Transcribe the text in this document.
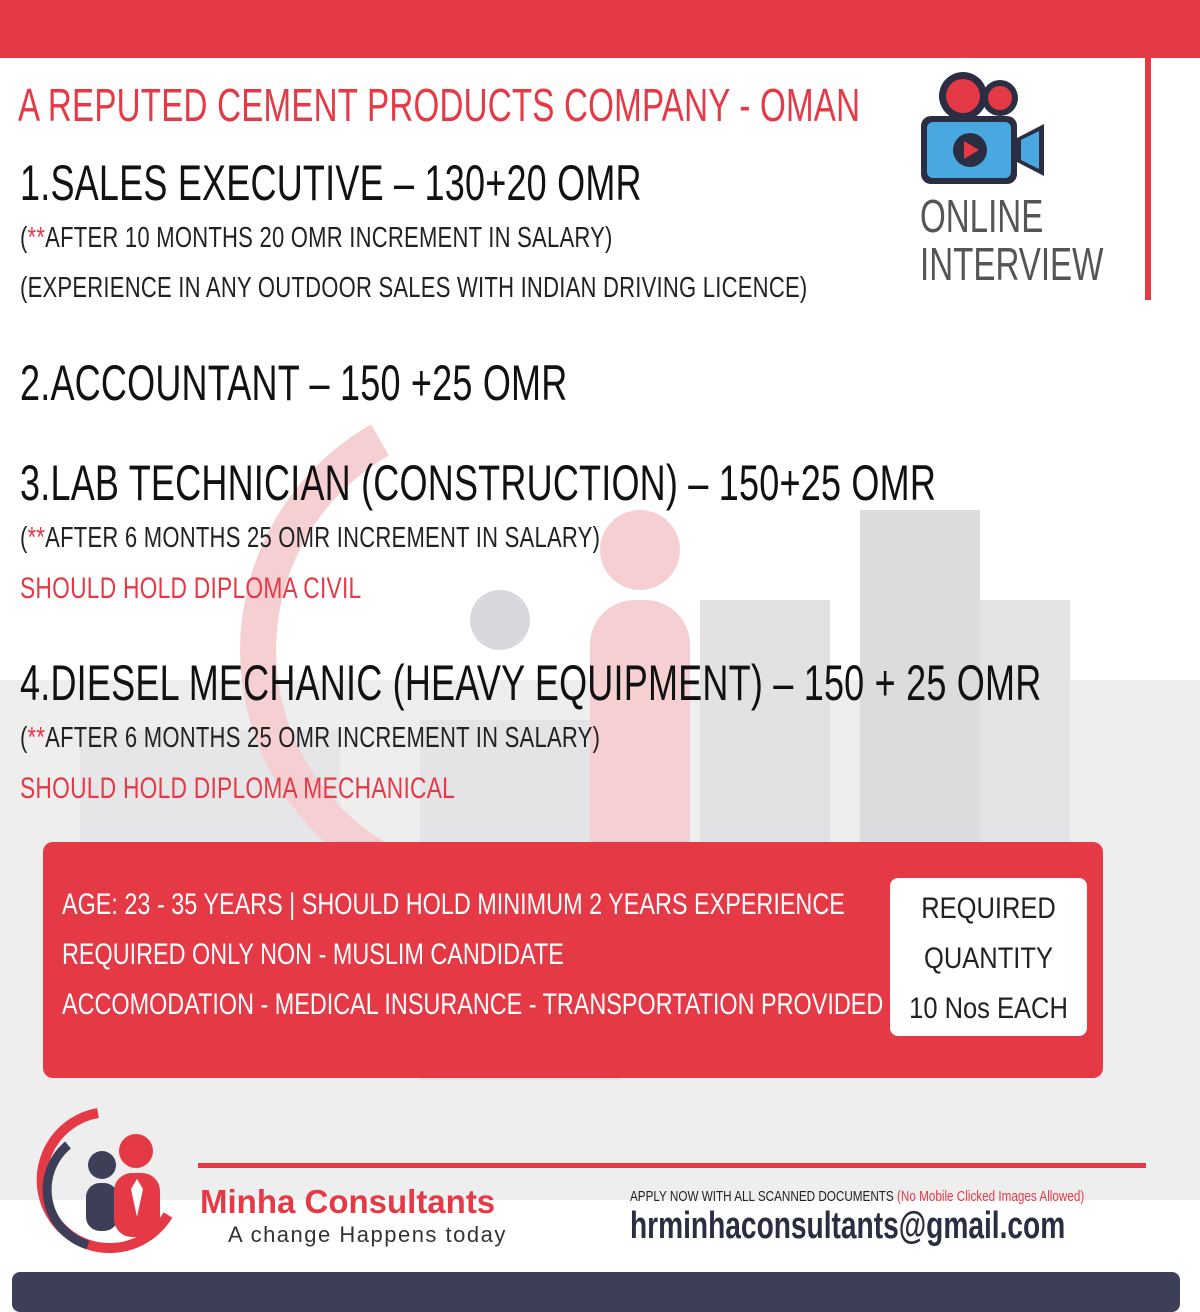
A REPUTED CEMENT PRODUCTS COMPANY - OMAN

ONLINE
INTERVIEW

1.SALES EXECUTIVE – 130+20 OMR

(**AFTER 10 MONTHS 20 OMR INCREMENT IN SALARY)

(EXPERIENCE IN ANY OUTDOOR SALES WITH INDIAN DRIVING LICENCE)

2.ACCOUNTANT – 150 +25 OMR

3.LAB TECHNICIAN (CONSTRUCTION) – 150+25 OMR

(**AFTER 6 MONTHS 25 OMR INCREMENT IN SALARY)

SHOULD HOLD DIPLOMA CIVIL

4.DIESEL MECHANIC (HEAVY EQUIPMENT) – 150 + 25 OMR

(**AFTER 6 MONTHS 25 OMR INCREMENT IN SALARY)

SHOULD HOLD DIPLOMA MECHANICAL

AGE: 23 - 35 YEARS | SHOULD HOLD MINIMUM 2 YEARS EXPERIENCE

REQUIRED ONLY NON - MUSLIM CANDIDATE

ACCOMODATION - MEDICAL INSURANCE - TRANSPORTATION PROVIDED

REQUIRED

QUANTITY

10 Nos EACH

Minha Consultants

A change Happens today

APPLY NOW WITH ALL SCANNED DOCUMENTS (No Mobile Clicked Images Allowed)

hrminhaconsultants@gmail.com
